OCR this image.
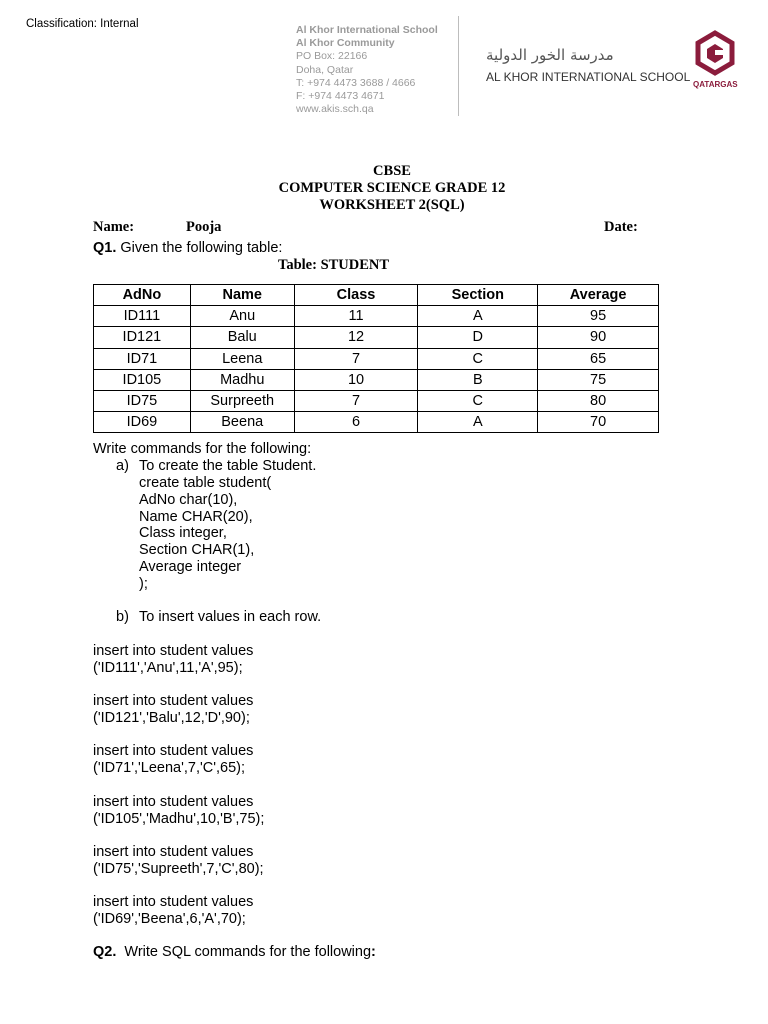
Classification: Internal	Al Khor International School
Al Khor Community
PO Box: 22166
Doha, Qatar
T: +974 4473 3688 / 4666
F: +974 4473 4671
www.akis.sch.qa
مدرسة الخور الدولية
AL KHOR INTERNATIONAL SCHOOL
QATARGAS
CBSE
COMPUTER SCIENCE GRADE 12
WORKSHEET 2(SQL)
Name:	Pooja	Date:
Q1. Given the following table:
Table: STUDENT
AdNo	Name	Class	Section	Average
ID111	Anu	11	A	95
ID121	Balu	12	D	90
ID71	Leena	7	C	65
ID105	Madhu	10	B	75
ID75	Surpreeth	7	C	80
ID69	Beena	6	A	70
Write commands for the following:
a) To create the table Student.
create table student(
AdNo char(10),
Name CHAR(20),
Class integer,
Section CHAR(1),
Average integer
);
b) To insert values in each row.
insert into student values
('ID111','Anu',11,'A',95);
insert into student values
('ID121','Balu',12,'D',90);
insert into student values
('ID71','Leena',7,'C',65);
insert into student values
('ID105','Madhu',10,'B',75);
insert into student values
('ID75','Supreeth',7,'C',80);
insert into student values
('ID69','Beena',6,'A',70);
Q2.  Write SQL commands for the following:
